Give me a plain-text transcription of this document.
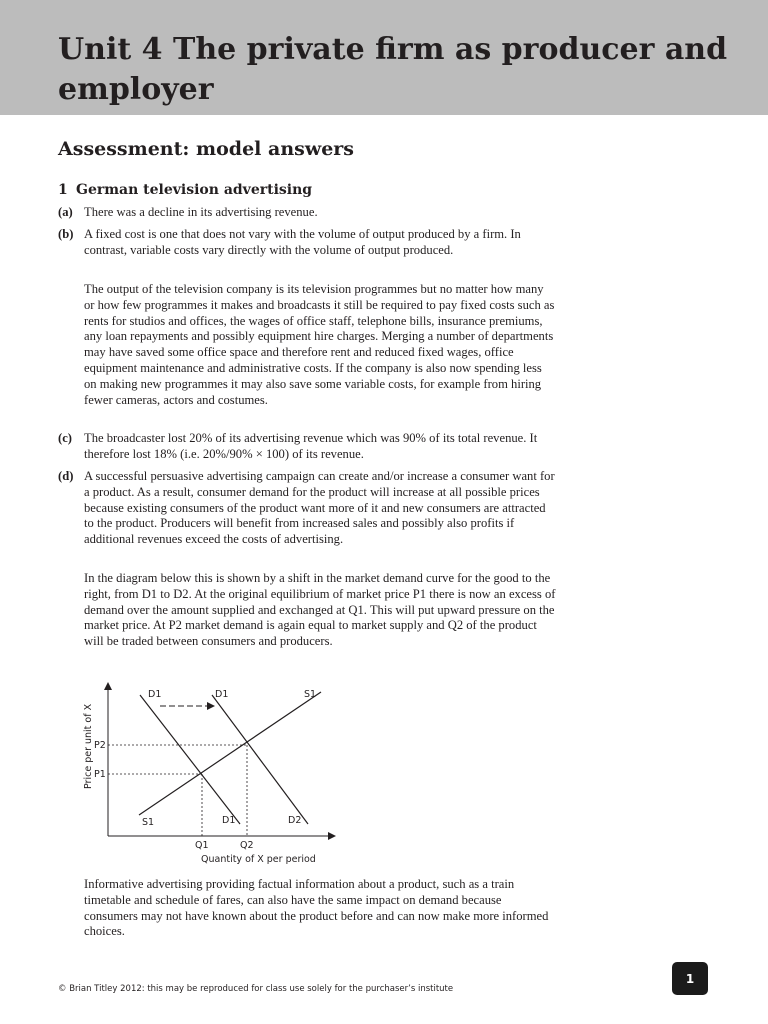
Unit 4 The private firm as producer and employer
Assessment: model answers
1 German television advertising
(a) There was a decline in its advertising revenue.

(b) A fixed cost is one that does not vary with the volume of output produced by a firm. In contrast, variable costs vary directly with the volume of output produced.

The output of the television company is its television programmes but no matter how many or how few programmes it makes and broadcasts it still be required to pay fixed costs such as rents for studios and offices, the wages of office staff, telephone bills, insurance premiums, any loan repayments and possibly equipment hire charges. Merging a number of departments may have saved some office space and therefore rent and reduced fixed wages, office equipment maintenance and administrative costs. If the company is also now spending less on making new programmes it may also save some variable costs, for example from hiring fewer cameras, actors and costumes.

(c) The broadcaster lost 20% of its advertising revenue which was 90% of its total revenue. It therefore lost 18% (i.e. 20%/90% × 100) of its revenue.

(d) A successful persuasive advertising campaign can create and/or increase a consumer want for a product. As a result, consumer demand for the product will increase at all possible prices because existing consumers of the product want more of it and new consumers are attracted to the product. Producers will benefit from increased sales and possibly also profits if additional revenues exceed the costs of advertising.

In the diagram below this is shown by a shift in the market demand curve for the good to the right, from D1 to D2. At the original equilibrium of market price P1 there is now an excess of demand over the amount supplied and exchanged at Q1. This will put upward pressure on the market price. At P2 market demand is again equal to market supply and Q2 of the product will be traded between consumers and producers.

D1	D1	S1
S1	D1	D2
P2
P1
Q1	Q2
Quantity of X per period
Price per unit of X

Informative advertising providing factual information about a product, such as a train timetable and schedule of fares, can also have the same impact on demand because consumers may not have known about the product before and can now make more informed choices.

© Brian Titley 2012: this may be reproduced for class use solely for the purchaser’s institute

1
